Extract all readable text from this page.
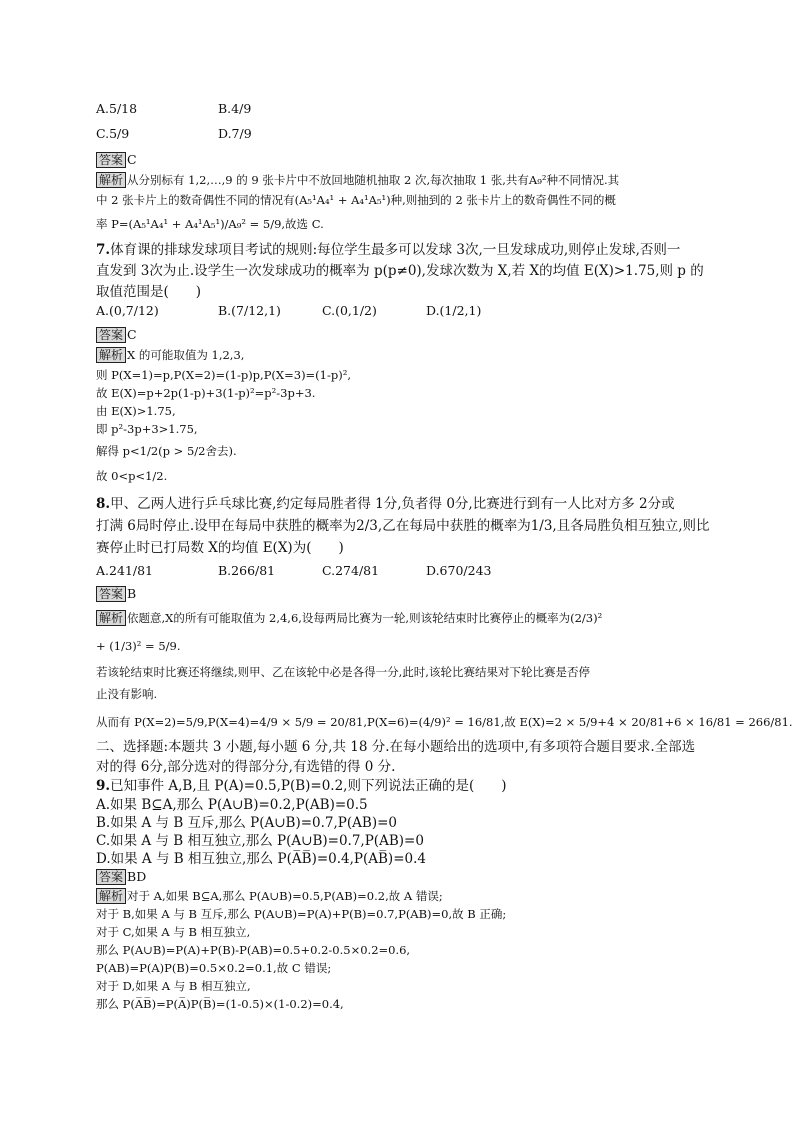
A.5/18	B.4/9
C.5/9	D.7/9
答案 C
解析 从分别标有 1,2,…,9 的 9 张卡片中不放回地随机抽取 2 次,每次抽取 1 张,共有A₉²种不同情况.其
中 2 张卡片上的数奇偶性不同的情况有(A₅¹A₄¹ + A₄¹A₅¹)种,则抽到的 2 张卡片上的数奇偶性不同的概
率 P=(A₅¹A₄¹ + A₄¹A₅¹)/A₉² = 5/9,故选 C.
7.体育课的排球发球项目考试的规则:每位学生最多可以发球 3次,一旦发球成功,则停止发球,否则一
直发到 3次为止.设学生一次发球成功的概率为 p(p≠0),发球次数为 X,若 X的均值 E(X)>1.75,则 p 的
取值范围是(　　)
A.(0,7/12)	B.(7/12,1)	C.(0,1/2)	D.(1/2,1)
答案 C
解析 X 的可能取值为 1,2,3,
则 P(X=1)=p,P(X=2)=(1-p)p,P(X=3)=(1-p)²,
故 E(X)=p+2p(1-p)+3(1-p)²=p²-3p+3.
由 E(X)>1.75,
即 p²-3p+3>1.75,
解得 p<1/2(p > 5/2舍去).
故 0<p<1/2.
8.甲、乙两人进行乒乓球比赛,约定每局胜者得 1分,负者得 0分,比赛进行到有一人比对方多 2分或
打满 6局时停止.设甲在每局中获胜的概率为2/3,乙在每局中获胜的概率为1/3,且各局胜负相互独立,则比
赛停止时已打局数 X的均值 E(X)为(　　)
A.241/81	B.266/81	C.274/81	D.670/243
答案 B
解析 依题意,X的所有可能取值为 2,4,6,设每两局比赛为一轮,则该轮结束时比赛停止的概率为(2/3)²
+ (1/3)² = 5/9.
若该轮结束时比赛还将继续,则甲、乙在该轮中必是各得一分,此时,该轮比赛结果对下轮比赛是否停
止没有影响.
从而有 P(X=2)=5/9,P(X=4)=4/9 × 5/9 = 20/81,P(X=6)=(4/9)² = 16/81,故 E(X)=2 × 5/9+4 × 20/81+6 × 16/81 = 266/81.
二、选择题:本题共 3 小题,每小题 6 分,共 18 分.在每小题给出的选项中,有多项符合题目要求.全部选
对的得 6分,部分选对的得部分分,有选错的得 0 分.
9.已知事件 A,B,且 P(A)=0.5,P(B)=0.2,则下列说法正确的是(　　)
A.如果 B⊆A,那么 P(A∪B)=0.2,P(AB)=0.5
B.如果 A 与 B 互斥,那么 P(A∪B)=0.7,P(AB)=0
C.如果 A 与 B 相互独立,那么 P(A∪B)=0.7,P(AB)=0
D.如果 A 与 B 相互独立,那么 P(A̅B̅)=0.4,P(AB̅)=0.4
答案 BD
解析 对于 A,如果 B⊆A,那么 P(A∪B)=0.5,P(AB)=0.2,故 A 错误;
对于 B,如果 A 与 B 互斥,那么 P(A∪B)=P(A)+P(B)=0.7,P(AB)=0,故 B 正确;
对于 C,如果 A 与 B 相互独立,
那么 P(A∪B)=P(A)+P(B)-P(AB)=0.5+0.2-0.5×0.2=0.6,
P(AB)=P(A)P(B)=0.5×0.2=0.1,故 C 错误;
对于 D,如果 A 与 B 相互独立,
那么 P(A̅B̅)=P(A̅)P(B̅)=(1-0.5)×(1-0.2)=0.4,
